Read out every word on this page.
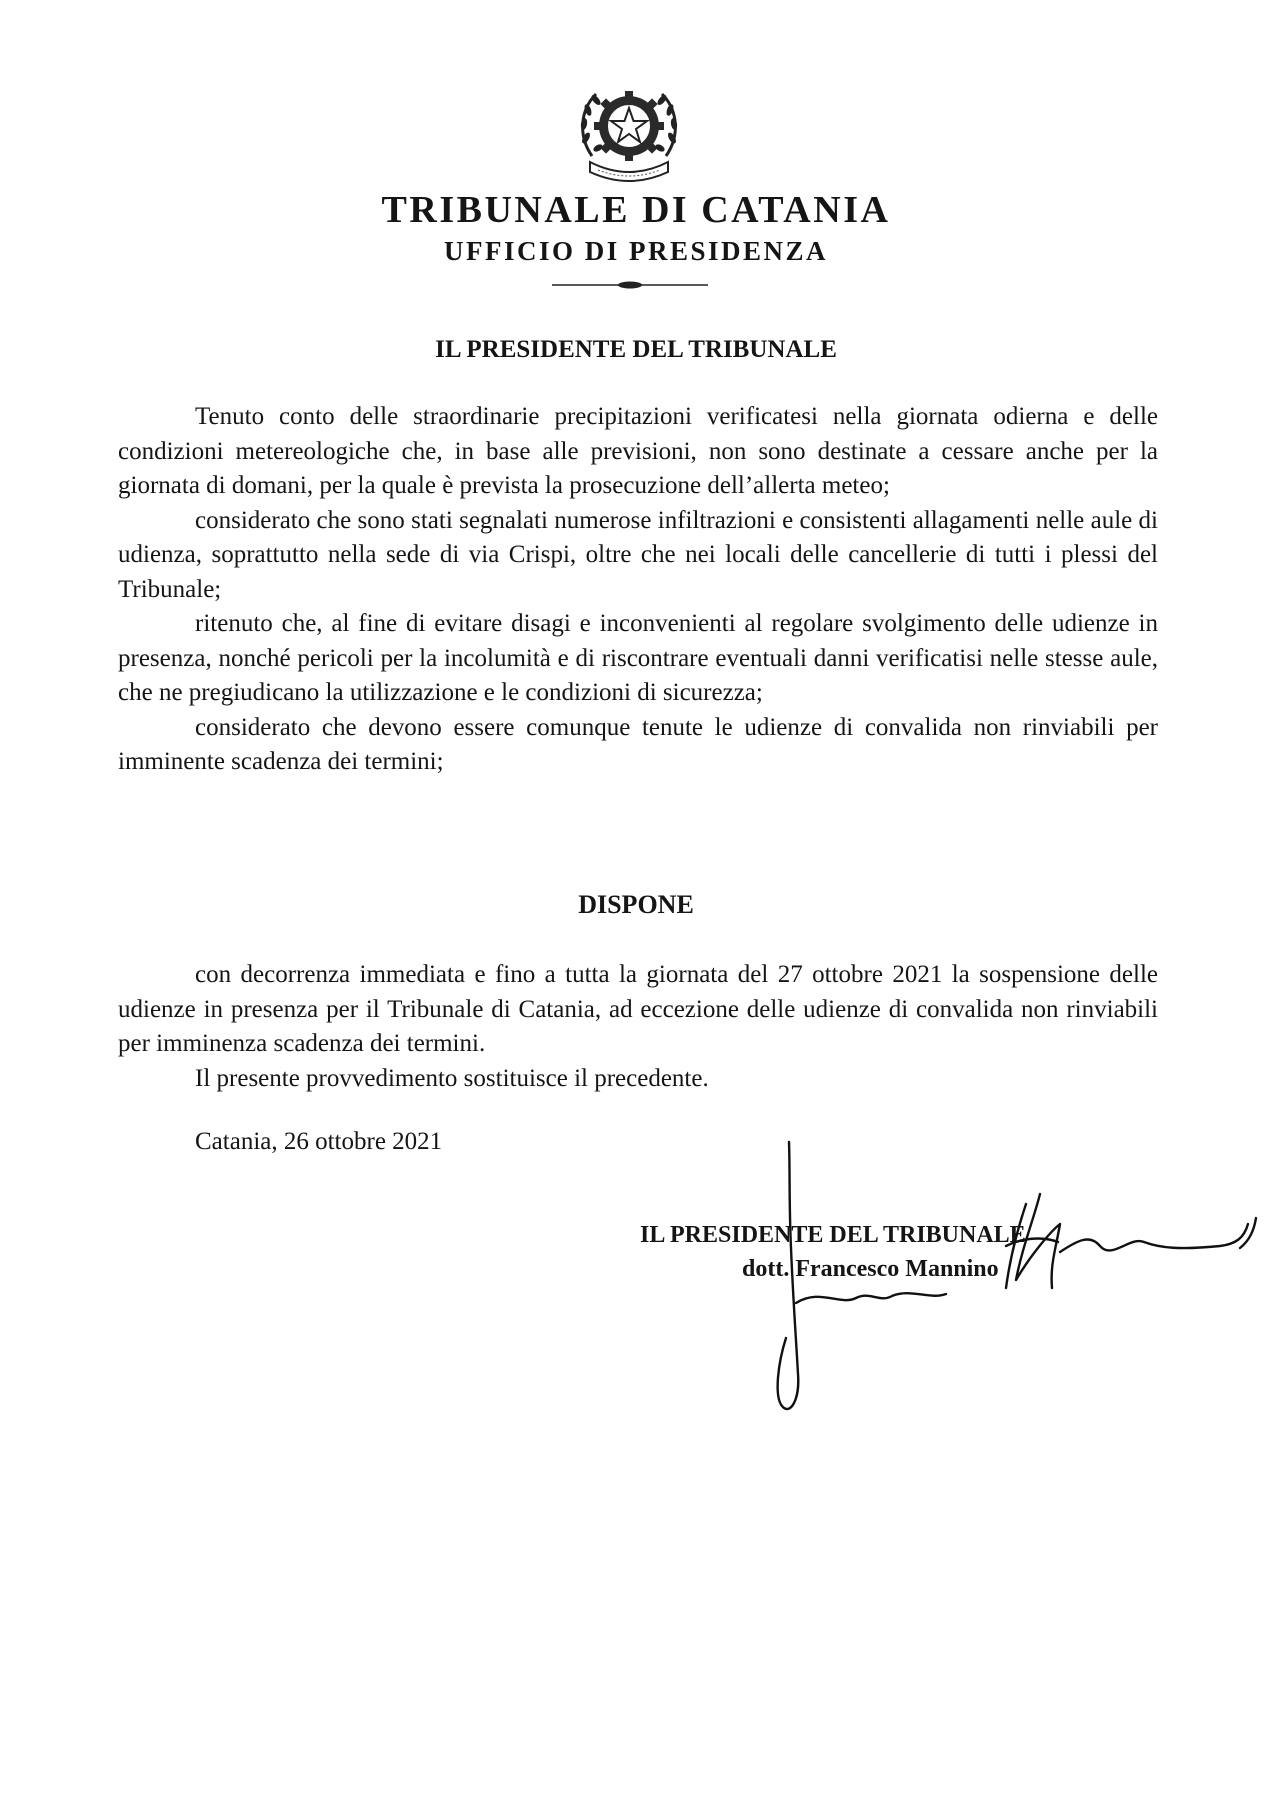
TRIBUNALE DI CATANIA
UFFICIO DI PRESIDENZA
IL PRESIDENTE DEL TRIBUNALE

Tenuto conto delle straordinarie precipitazioni verificatesi nella giornata odierna e delle condizioni metereologiche che, in base alle previsioni, non sono destinate a cessare anche per la giornata di domani, per la quale è prevista la prosecuzione dell’allerta meteo;

considerato che sono stati segnalati numerose infiltrazioni e consistenti allagamenti nelle aule di udienza, soprattutto nella sede di via Crispi, oltre che nei locali delle cancellerie di tutti i plessi del Tribunale;

ritenuto che, al fine di evitare disagi e inconvenienti al regolare svolgimento delle udienze in presenza, nonché pericoli per la incolumità e di riscontrare eventuali danni verificatisi nelle stesse aule, che ne pregiudicano la utilizzazione e le condizioni di sicurezza;

considerato che devono essere comunque tenute le udienze di convalida non rinviabili per imminente scadenza dei termini;

DISPONE

con decorrenza immediata e fino a tutta la giornata del 27 ottobre 2021 la sospensione delle udienze in presenza per il Tribunale di Catania, ad eccezione delle udienze di convalida non rinviabili per imminenza scadenza dei termini.

Il presente provvedimento sostituisce il precedente.

Catania, 26 ottobre 2021
IL PRESIDENTE DEL TRIBUNALE
dott. Francesco Mannino
